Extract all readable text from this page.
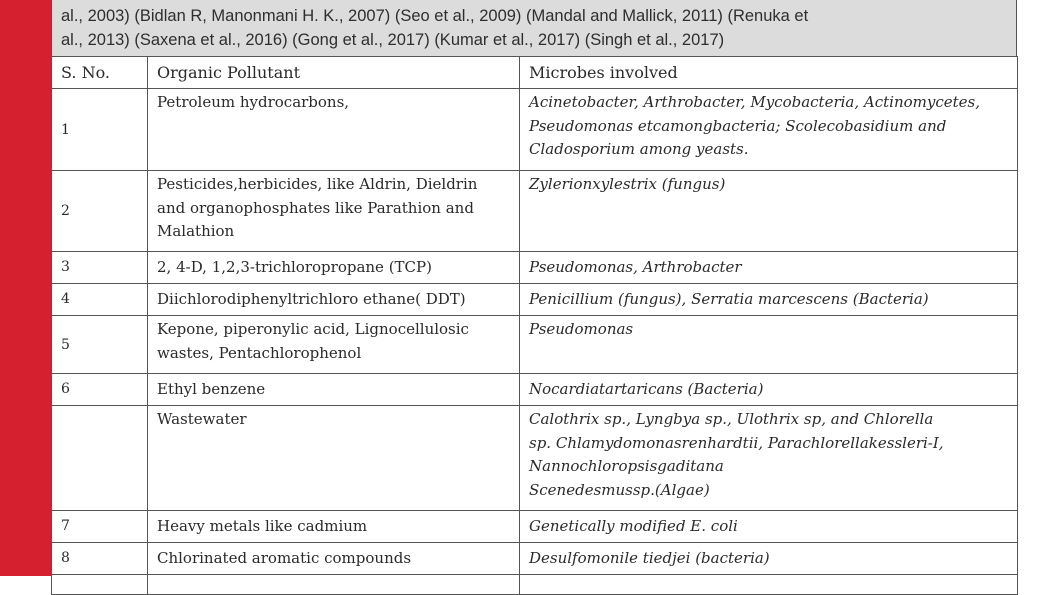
al., 2003) (Bidlan R, Manonmani H. K., 2007) (Seo et al., 2009) (Mandal and Mallick, 2011) (Renuka et
al., 2013) (Saxena et al., 2016) (Gong et al., 2017) (Kumar et al., 2017) (Singh et al., 2017)
S. No.	Organic Pollutant	Microbes involved
1	Petroleum hydrocarbons,	Acinetobacter, Arthrobacter, Mycobacteria, Actinomycetes,
Pseudomonas etcamongbacteria; Scolecobasidium and
Cladosporium among yeasts.

2	Pesticides,herbicides, like Aldrin, Dieldrin
and organophosphates like Parathion and
Malathion	Zylerionxylestrix (fungus)

3	2, 4-D, 1,2,3-trichloropropane (TCP)	Pseudomonas, Arthrobacter

4	Diichlorodiphenyltrichloro ethane( DDT)	Penicillium (fungus), Serratia marcescens (Bacteria)

5	Kepone, piperonylic acid, Lignocellulosic
wastes, Pentachlorophenol	Pseudomonas

6	Ethyl benzene	Nocardiatartaricans (Bacteria)

	Wastewater	Calothrix sp., Lyngbya sp., Ulothrix sp, and Chlorella
sp. Chlamydomonasrenhardtii, Parachlorellakessleri-I,
Nannochloropsisgaditana
Scenedesmussp.(Algae)

7	Heavy metals like cadmium	Genetically modified E. coli

8	Chlorinated aromatic compounds	Desulfomonile tiedjei (bacteria)
